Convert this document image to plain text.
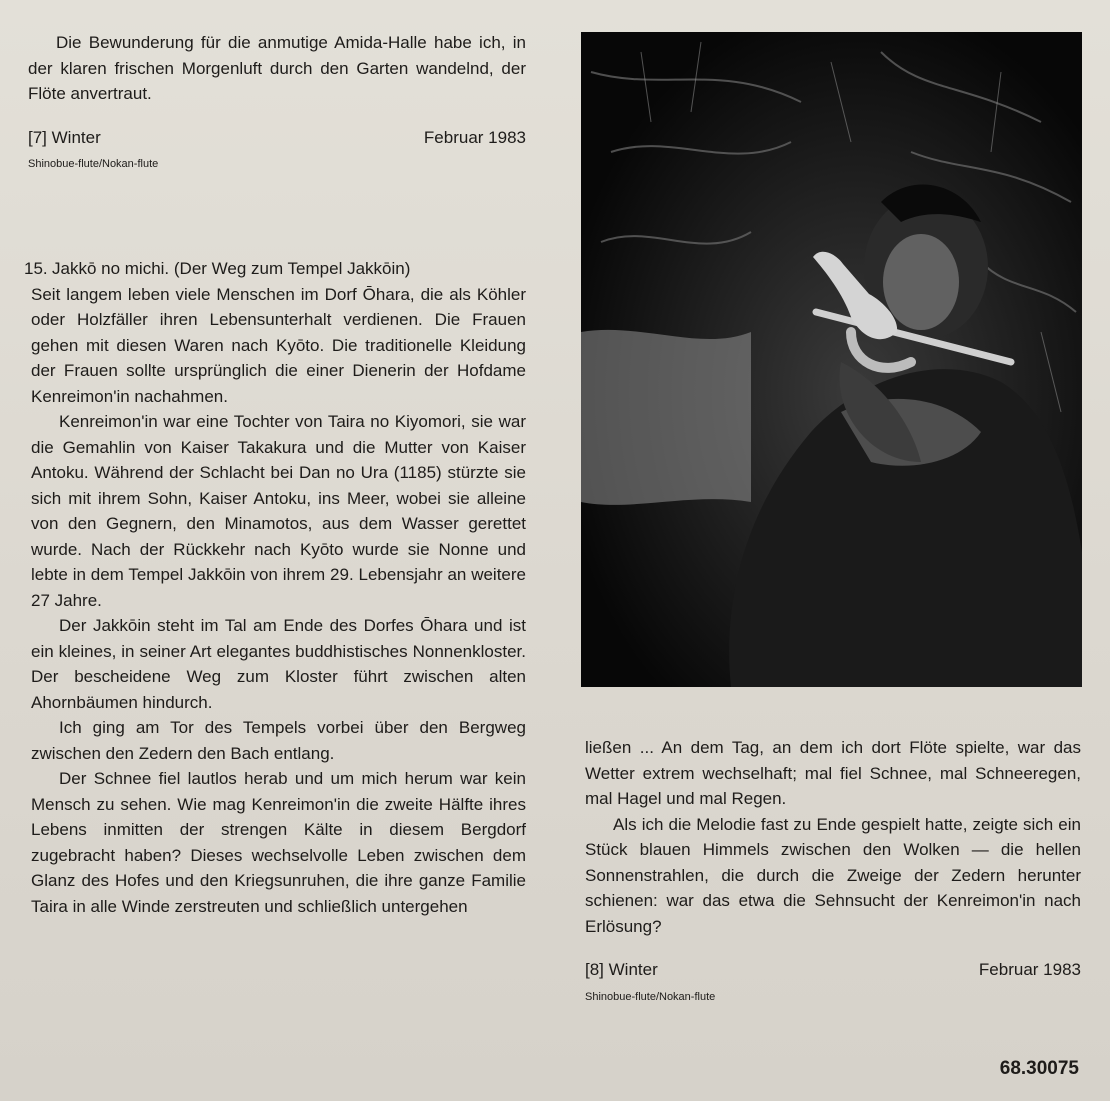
Die Bewunderung für die anmutige Amida-Halle habe ich, in der klaren frischen Morgenluft durch den Garten wandelnd, der Flöte anvertraut.

[7] Winter	Februar 1983
Shinobue-flute/Nokan-flute
15. Jakkō no michi. (Der Weg zum Tempel Jakkōin)

Seit langem leben viele Menschen im Dorf Ōhara, die als Köhler oder Holzfäller ihren Lebensunterhalt verdienen. Die Frauen gehen mit diesen Waren nach Kyōto. Die traditionelle Kleidung der Frauen sollte ursprünglich die einer Dienerin der Hofdame Kenreimon'in nachahmen.

Kenreimon'in war eine Tochter von Taira no Kiyomori, sie war die Gemahlin von Kaiser Takakura und die Mutter von Kaiser Antoku. Während der Schlacht bei Dan no Ura (1185) stürzte sie sich mit ihrem Sohn, Kaiser Antoku, ins Meer, wobei sie alleine von den Gegnern, den Minamotos, aus dem Wasser gerettet wurde. Nach der Rückkehr nach Kyōto wurde sie Nonne und lebte in dem Tempel Jakkōin von ihrem 29. Lebensjahr an weitere 27 Jahre.

Der Jakkōin steht im Tal am Ende des Dorfes Ōhara und ist ein kleines, in seiner Art elegantes buddhistisches Nonnenkloster. Der bescheidene Weg zum Kloster führt zwischen alten Ahornbäumen hindurch.

Ich ging am Tor des Tempels vorbei über den Bergweg zwischen den Zedern den Bach entlang.

Der Schnee fiel lautlos herab und um mich herum war kein Mensch zu sehen. Wie mag Kenreimon'in die zweite Hälfte ihres Lebens inmitten der strengen Kälte in diesem Bergdorf zugebracht haben? Dieses wechselvolle Leben zwischen dem Glanz des Hofes und den Kriegsunruhen, die ihre ganze Familie Taira in alle Winde zerstreuten und schließlich untergehen

ließen ... An dem Tag, an dem ich dort Flöte spielte, war das Wetter extrem wechselhaft; mal fiel Schnee, mal Schneeregen, mal Hagel und mal Regen.

Als ich die Melodie fast zu Ende gespielt hatte, zeigte sich ein Stück blauen Himmels zwischen den Wolken — die hellen Sonnenstrahlen, die durch die Zweige der Zedern herunter schienen: war das etwa die Sehnsucht der Kenreimon'in nach Erlösung?

[8] Winter	Februar 1983
Shinobue-flute/Nokan-flute
68.30075
